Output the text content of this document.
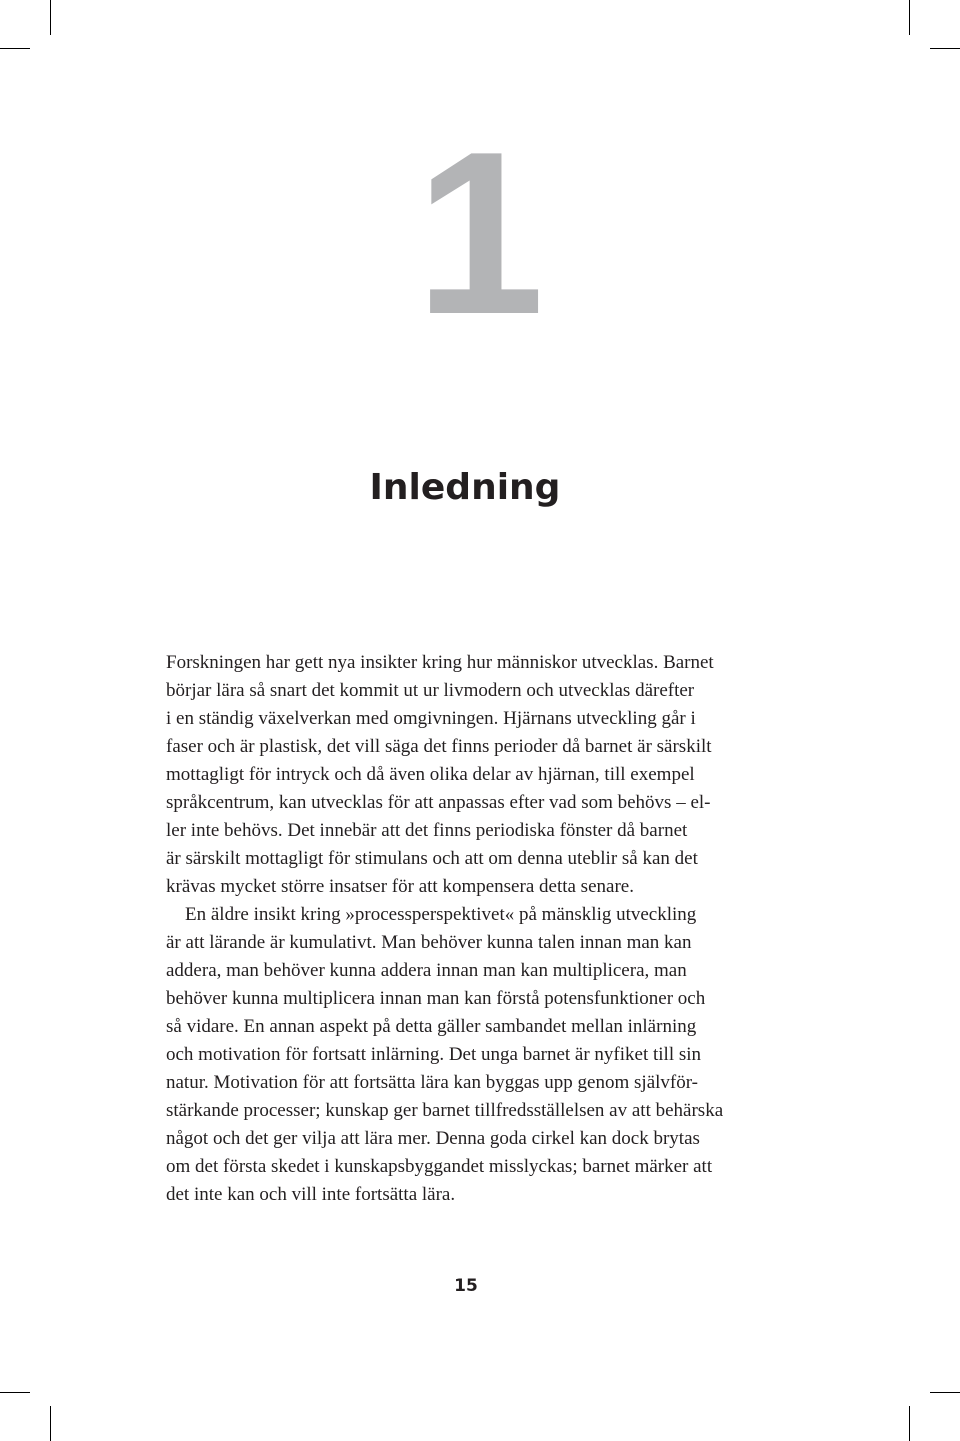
1
Inledning
Forskningen har gett nya insikter kring hur människor utvecklas. Barnet
börjar lära så snart det kommit ut ur livmodern och utvecklas därefter
i en ständig växelverkan med omgivningen. Hjärnans utveckling går i
faser och är plastisk, det vill säga det finns perioder då barnet är särskilt
mottagligt för intryck och då även olika delar av hjärnan, till exempel
språkcentrum, kan utvecklas för att anpassas efter vad som behövs – el-
ler inte behövs. Det innebär att det finns periodiska fönster då barnet
är särskilt mottagligt för stimulans och att om denna uteblir så kan det
krävas mycket större insatser för att kompensera detta senare.
En äldre insikt kring »processperspektivet« på mänsklig utveckling
är att lärande är kumulativt. Man behöver kunna talen innan man kan
addera, man behöver kunna addera innan man kan multiplicera, man
behöver kunna multiplicera innan man kan förstå potensfunktioner och
så vidare. En annan aspekt på detta gäller sambandet mellan inlärning
och motivation för fortsatt inlärning. Det unga barnet är nyfiket till sin
natur. Motivation för att fortsätta lära kan byggas upp genom självför-
stärkande processer; kunskap ger barnet tillfredsställelsen av att behärska
något och det ger vilja att lära mer. Denna goda cirkel kan dock brytas
om det första skedet i kunskapsbyggandet misslyckas; barnet märker att
det inte kan och vill inte fortsätta lära.
15
